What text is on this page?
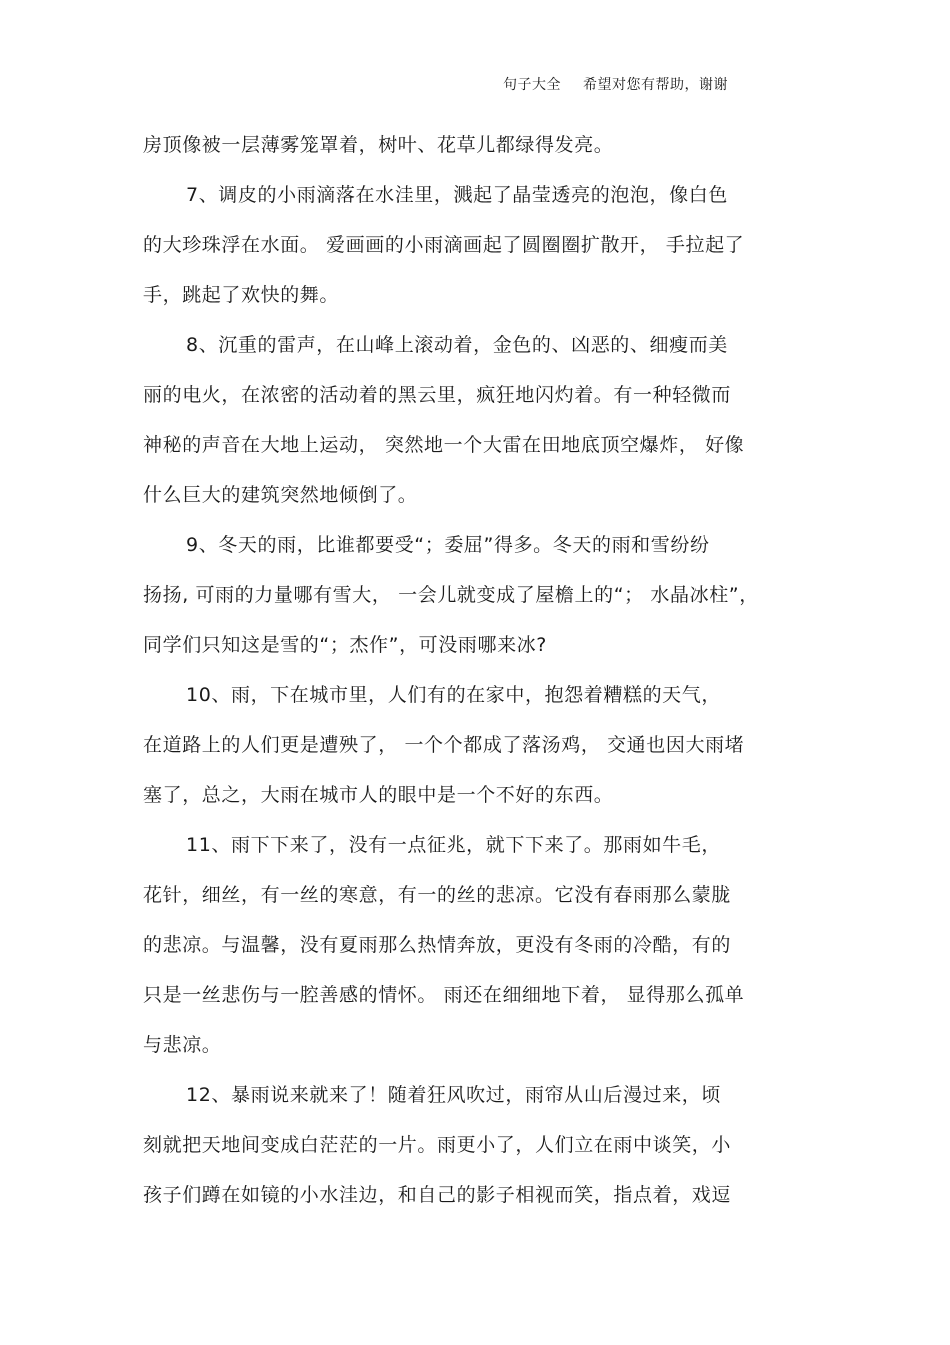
句子大全 希望对您有帮助，谢谢
房顶像被一层薄雾笼罩着，树叶、花草儿都绿得发亮。
7、调皮的小雨滴落在水洼里，溅起了晶莹透亮的泡泡，像白色
的大珍珠浮在水面。 爱画画的小雨滴画起了圆圈圈扩散开， 手拉起了
手，跳起了欢快的舞。
8、沉重的雷声，在山峰上滚动着，金色的、凶恶的、细瘦而美
丽的电火，在浓密的活动着的黑云里，疯狂地闪灼着。有一种轻微而
神秘的声音在大地上运动， 突然地一个大雷在田地底顶空爆炸， 好像
什么巨大的建筑突然地倾倒了。
9、冬天的雨，比谁都要受“；委屈”得多。冬天的雨和雪纷纷
扬扬, 可雨的力量哪有雪大， 一会儿就变成了屋檐上的“； 水晶冰柱”，
同学们只知这是雪的“；杰作”，可没雨哪来冰?
10、雨，下在城市里，人们有的在家中，抱怨着糟糕的天气，
在道路上的人们更是遭殃了， 一个个都成了落汤鸡， 交通也因大雨堵
塞了，总之，大雨在城市人的眼中是一个不好的东西。
11、雨下下来了，没有一点征兆，就下下来了。那雨如牛毛，
花针，细丝，有一丝的寒意，有一的丝的悲凉。它没有春雨那么蒙胧
的悲凉。与温馨，没有夏雨那么热情奔放，更没有冬雨的冷酷，有的
只是一丝悲伤与一腔善感的情怀。 雨还在细细地下着， 显得那么孤单
与悲凉。
12、暴雨说来就来了！随着狂风吹过，雨帘从山后漫过来，顷
刻就把天地间变成白茫茫的一片。雨更小了，人们立在雨中谈笑，小
孩子们蹲在如镜的小水洼边，和自己的影子相视而笑，指点着，戏逗
